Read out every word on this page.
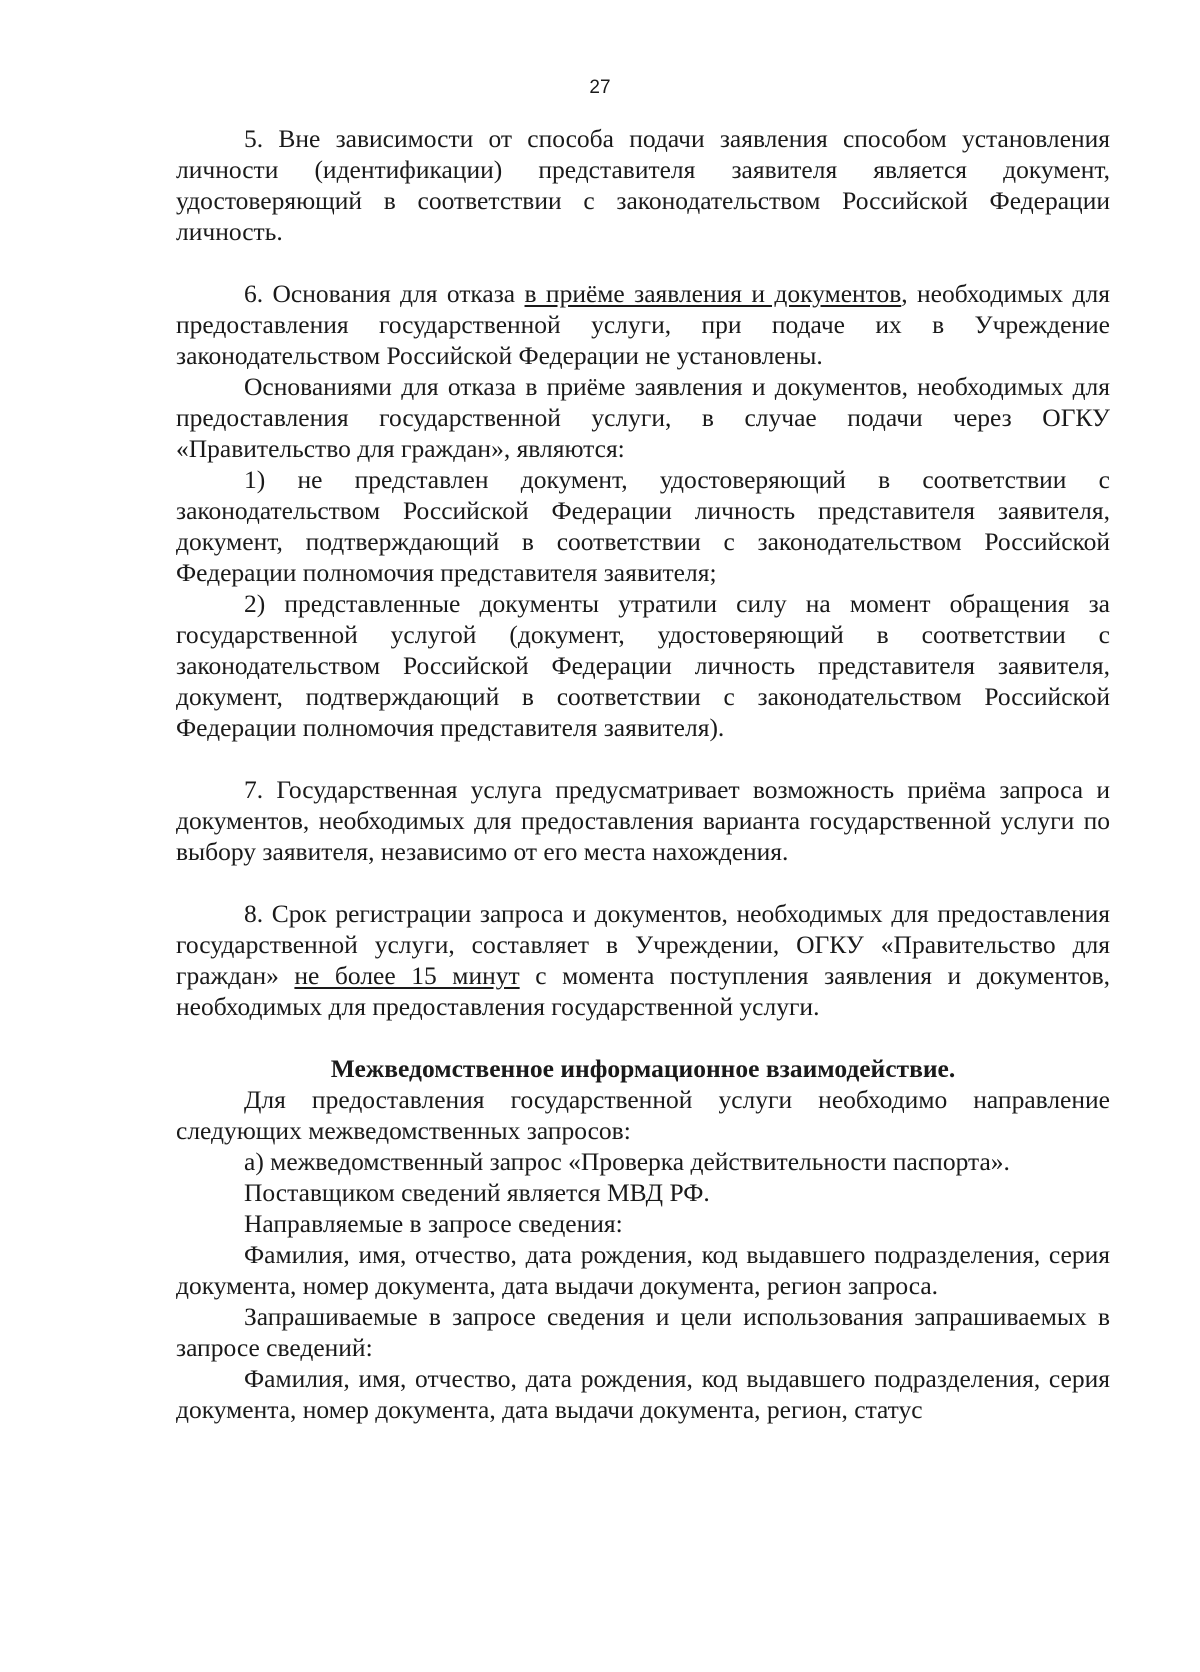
27

5. Вне зависимости от способа подачи заявления способом установления личности (идентификации) представителя заявителя является документ, удостоверяющий в соответствии с законодательством Российской Федерации личность.

6. Основания для отказа в приёме заявления и документов, необходимых для предоставления государственной услуги, при подаче их в Учреждение законодательством Российской Федерации не установлены.

Основаниями для отказа в приёме заявления и документов, необходимых для предоставления государственной услуги, в случае подачи через ОГКУ «Правительство для граждан», являются:

1) не представлен документ, удостоверяющий в соответствии с законодательством Российской Федерации личность представителя заявителя, документ, подтверждающий в соответствии с законодательством Российской Федерации полномочия представителя заявителя;

2) представленные документы утратили силу на момент обращения за государственной услугой (документ, удостоверяющий в соответствии с законодательством Российской Федерации личность представителя заявителя, документ, подтверждающий в соответствии с законодательством Российской Федерации полномочия представителя заявителя).

7. Государственная услуга предусматривает возможность приёма запроса и документов, необходимых для предоставления варианта государственной услуги по выбору заявителя, независимо от его места нахождения.

8. Срок регистрации запроса и документов, необходимых для предоставления государственной услуги, составляет в Учреждении, ОГКУ «Правительство для граждан» не более 15 минут с момента поступления заявления и документов, необходимых для предоставления государственной услуги.

Межведомственное информационное взаимодействие.

Для предоставления государственной услуги необходимо направление следующих межведомственных запросов:

а) межведомственный запрос «Проверка действительности паспорта».

Поставщиком сведений является МВД РФ.

Направляемые в запросе сведения:

Фамилия, имя, отчество, дата рождения, код выдавшего подразделения, серия документа, номер документа, дата выдачи документа, регион запроса.

Запрашиваемые в запросе сведения и цели использования запрашиваемых в запросе сведений:

Фамилия, имя, отчество, дата рождения, код выдавшего подразделения, серия документа, номер документа, дата выдачи документа, регион, статус
